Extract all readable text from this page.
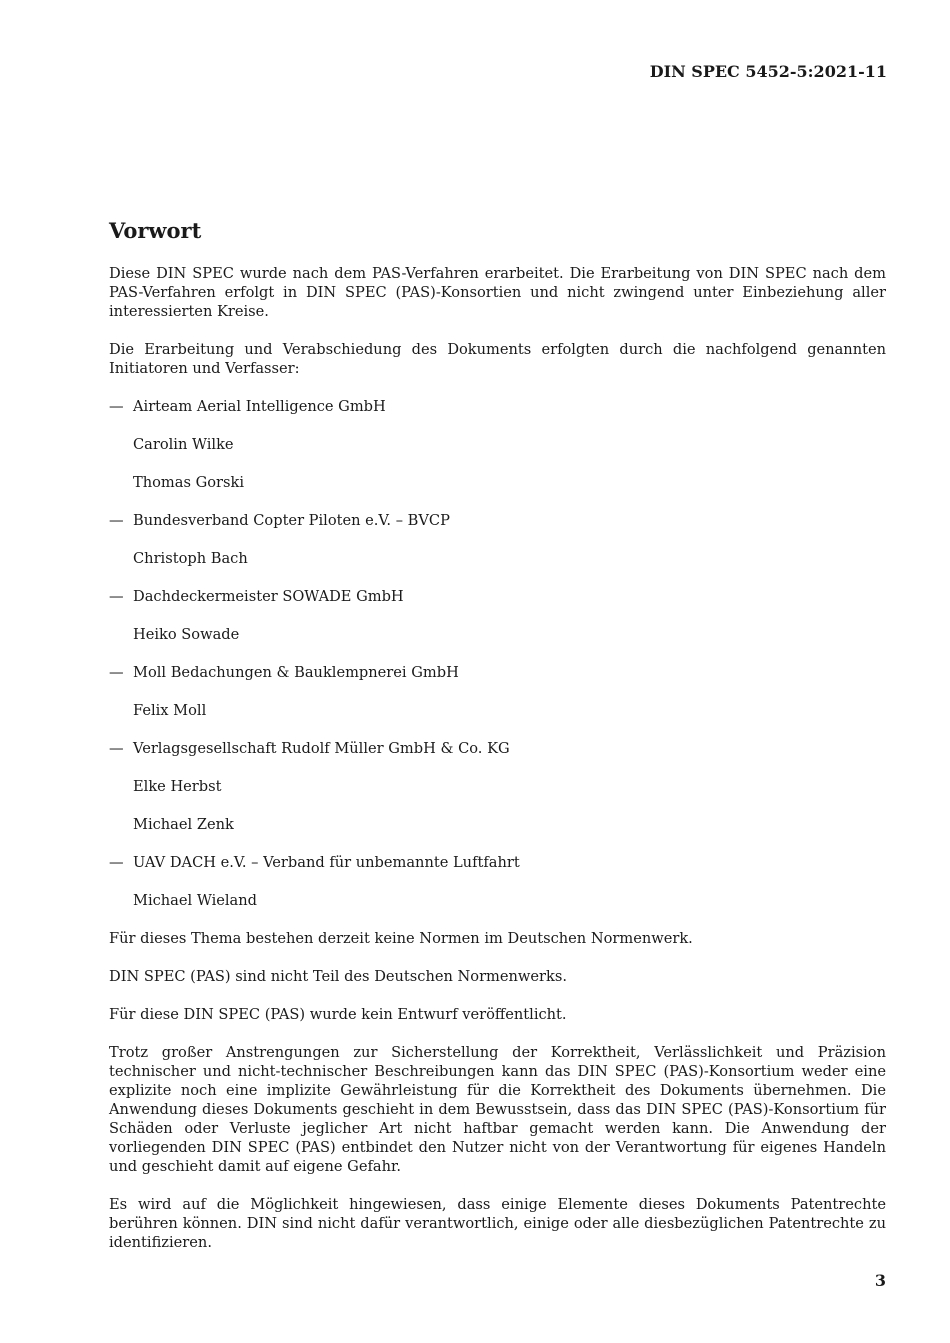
DIN SPEC 5452-5:2021-11
Vorwort

Diese DIN SPEC wurde nach dem PAS-Verfahren erarbeitet. Die Erarbeitung von DIN SPEC nach dem PAS-Verfahren erfolgt in DIN SPEC (PAS)-Konsortien und nicht zwingend unter Einbeziehung aller interessierten Kreise.

Die Erarbeitung und Verabschiedung des Dokuments erfolgten durch die nachfolgend genannten Initiatoren und Verfasser:

— Airteam Aerial Intelligence GmbH
Carolin Wilke
Thomas Gorski
— Bundesverband Copter Piloten e.V. – BVCP
Christoph Bach
— Dachdeckermeister SOWADE GmbH
Heiko Sowade
— Moll Bedachungen & Bauklempnerei GmbH
Felix Moll
— Verlagsgesellschaft Rudolf Müller GmbH & Co. KG
Elke Herbst
Michael Zenk
— UAV DACH e.V. – Verband für unbemannte Luftfahrt
Michael Wieland

Für dieses Thema bestehen derzeit keine Normen im Deutschen Normenwerk.

DIN SPEC (PAS) sind nicht Teil des Deutschen Normenwerks.

Für diese DIN SPEC (PAS) wurde kein Entwurf veröffentlicht.

Trotz großer Anstrengungen zur Sicherstellung der Korrektheit, Verlässlichkeit und Präzision technischer und nicht-technischer Beschreibungen kann das DIN SPEC (PAS)-Konsortium weder eine explizite noch eine implizite Gewährleistung für die Korrektheit des Dokuments übernehmen. Die Anwendung dieses Dokuments geschieht in dem Bewusstsein, dass das DIN SPEC (PAS)-Konsortium für Schäden oder Verluste jeglicher Art nicht haftbar gemacht werden kann. Die Anwendung der vorliegenden DIN SPEC (PAS) entbindet den Nutzer nicht von der Verantwortung für eigenes Handeln und geschieht damit auf eigene Gefahr.

Es wird auf die Möglichkeit hingewiesen, dass einige Elemente dieses Dokuments Patentrechte berühren können. DIN sind nicht dafür verantwortlich, einige oder alle diesbezüglichen Patentrechte zu identifizieren.

3
